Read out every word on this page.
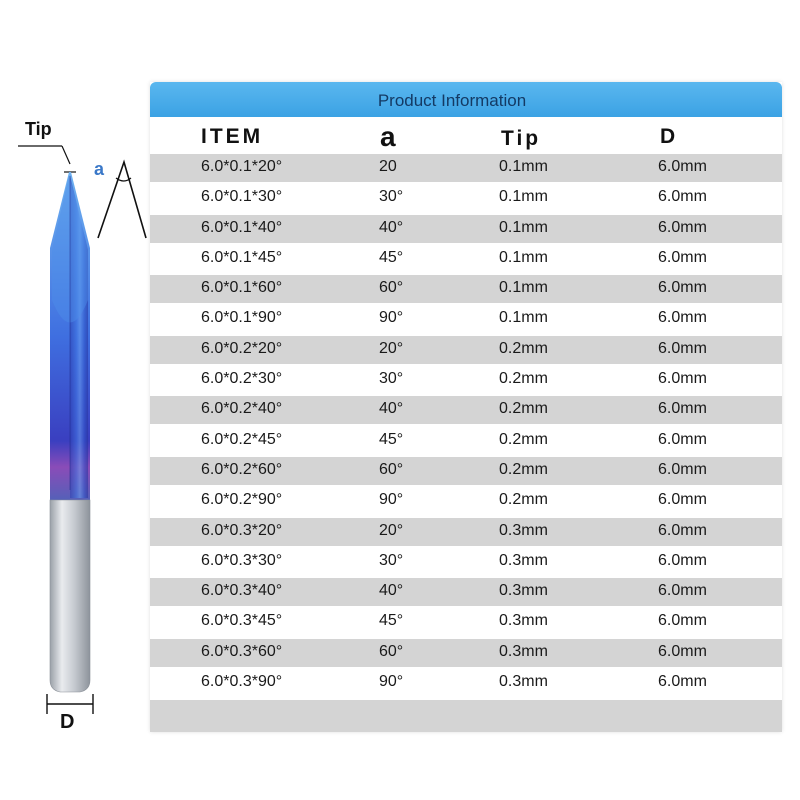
Tip
a
D
Product Information
ITEM	a	Tip	D
6.0*0.1*20°	20	0.1mm	6.0mm
6.0*0.1*30°	30°	0.1mm	6.0mm
6.0*0.1*40°	40°	0.1mm	6.0mm
6.0*0.1*45°	45°	0.1mm	6.0mm
6.0*0.1*60°	60°	0.1mm	6.0mm
6.0*0.1*90°	90°	0.1mm	6.0mm
6.0*0.2*20°	20°	0.2mm	6.0mm
6.0*0.2*30°	30°	0.2mm	6.0mm
6.0*0.2*40°	40°	0.2mm	6.0mm
6.0*0.2*45°	45°	0.2mm	6.0mm
6.0*0.2*60°	60°	0.2mm	6.0mm
6.0*0.2*90°	90°	0.2mm	6.0mm
6.0*0.3*20°	20°	0.3mm	6.0mm
6.0*0.3*30°	30°	0.3mm	6.0mm
6.0*0.3*40°	40°	0.3mm	6.0mm
6.0*0.3*45°	45°	0.3mm	6.0mm
6.0*0.3*60°	60°	0.3mm	6.0mm
6.0*0.3*90°	90°	0.3mm	6.0mm
